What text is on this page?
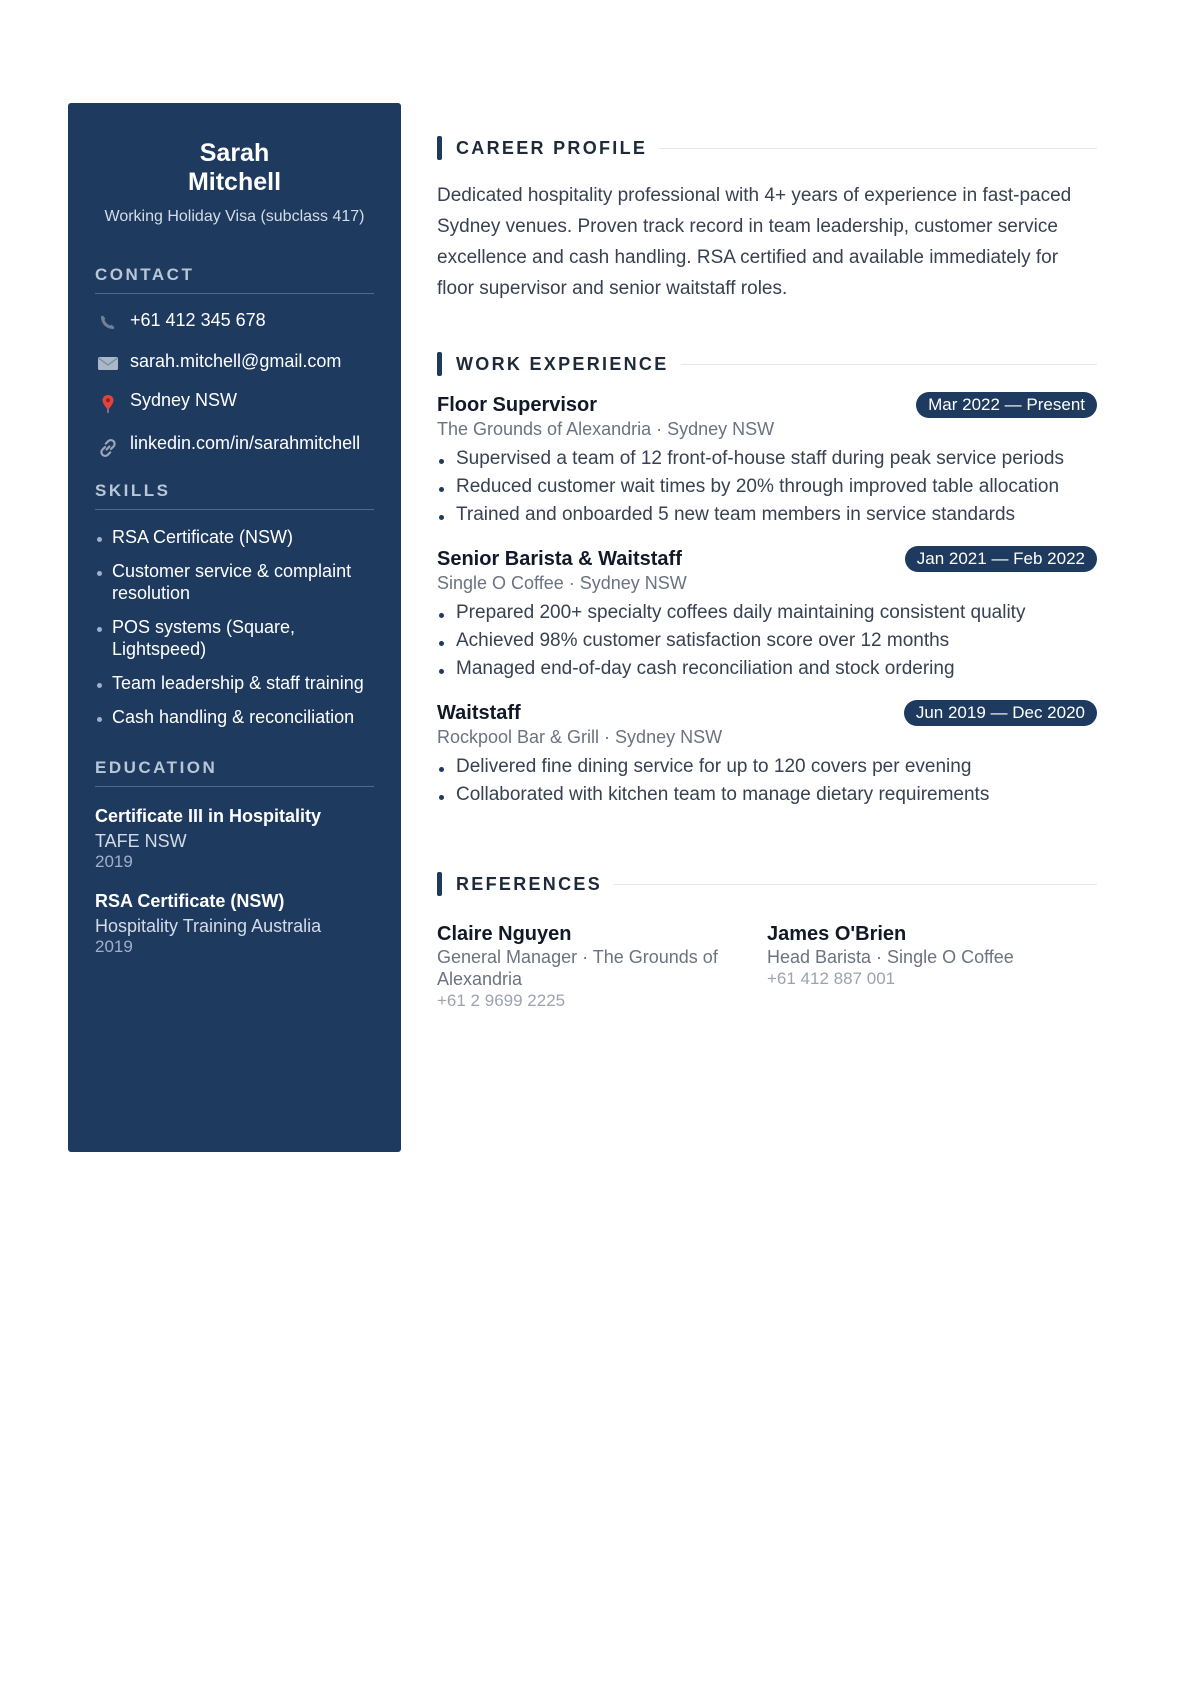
Sarah
Mitchell
Working Holiday Visa (subclass 417)
CONTACT
+61 412 345 678
sarah.mitchell@gmail.com
Sydney NSW
linkedin.com/in/sarahmitchell
SKILLS
RSA Certificate (NSW)
Customer service & complaint resolution
POS systems (Square, Lightspeed)
Team leadership & staff training
Cash handling & reconciliation
EDUCATION
Certificate III in Hospitality
TAFE NSW
2019
RSA Certificate (NSW)
Hospitality Training Australia
2019
CAREER PROFILE

Dedicated hospitality professional with 4+ years of experience in fast-paced Sydney venues. Proven track record in team leadership, customer service excellence and cash handling. RSA certified and available immediately for floor supervisor and senior waitstaff roles.

WORK EXPERIENCE
Floor Supervisor	Mar 2022 — Present
The Grounds of Alexandria · Sydney NSW
Supervised a team of 12 front-of-house staff during peak service periods
Reduced customer wait times by 20% through improved table allocation
Trained and onboarded 5 new team members in service standards
Senior Barista & Waitstaff	Jan 2021 — Feb 2022
Single O Coffee · Sydney NSW
Prepared 200+ specialty coffees daily maintaining consistent quality
Achieved 98% customer satisfaction score over 12 months
Managed end-of-day cash reconciliation and stock ordering
Waitstaff	Jun 2019 — Dec 2020
Rockpool Bar & Grill · Sydney NSW
Delivered fine dining service for up to 120 covers per evening
Collaborated with kitchen team to manage dietary requirements
REFERENCES
Claire Nguyen
General Manager · The Grounds of Alexandria
+61 2 9699 2225
James O'Brien
Head Barista · Single O Coffee
+61 412 887 001
